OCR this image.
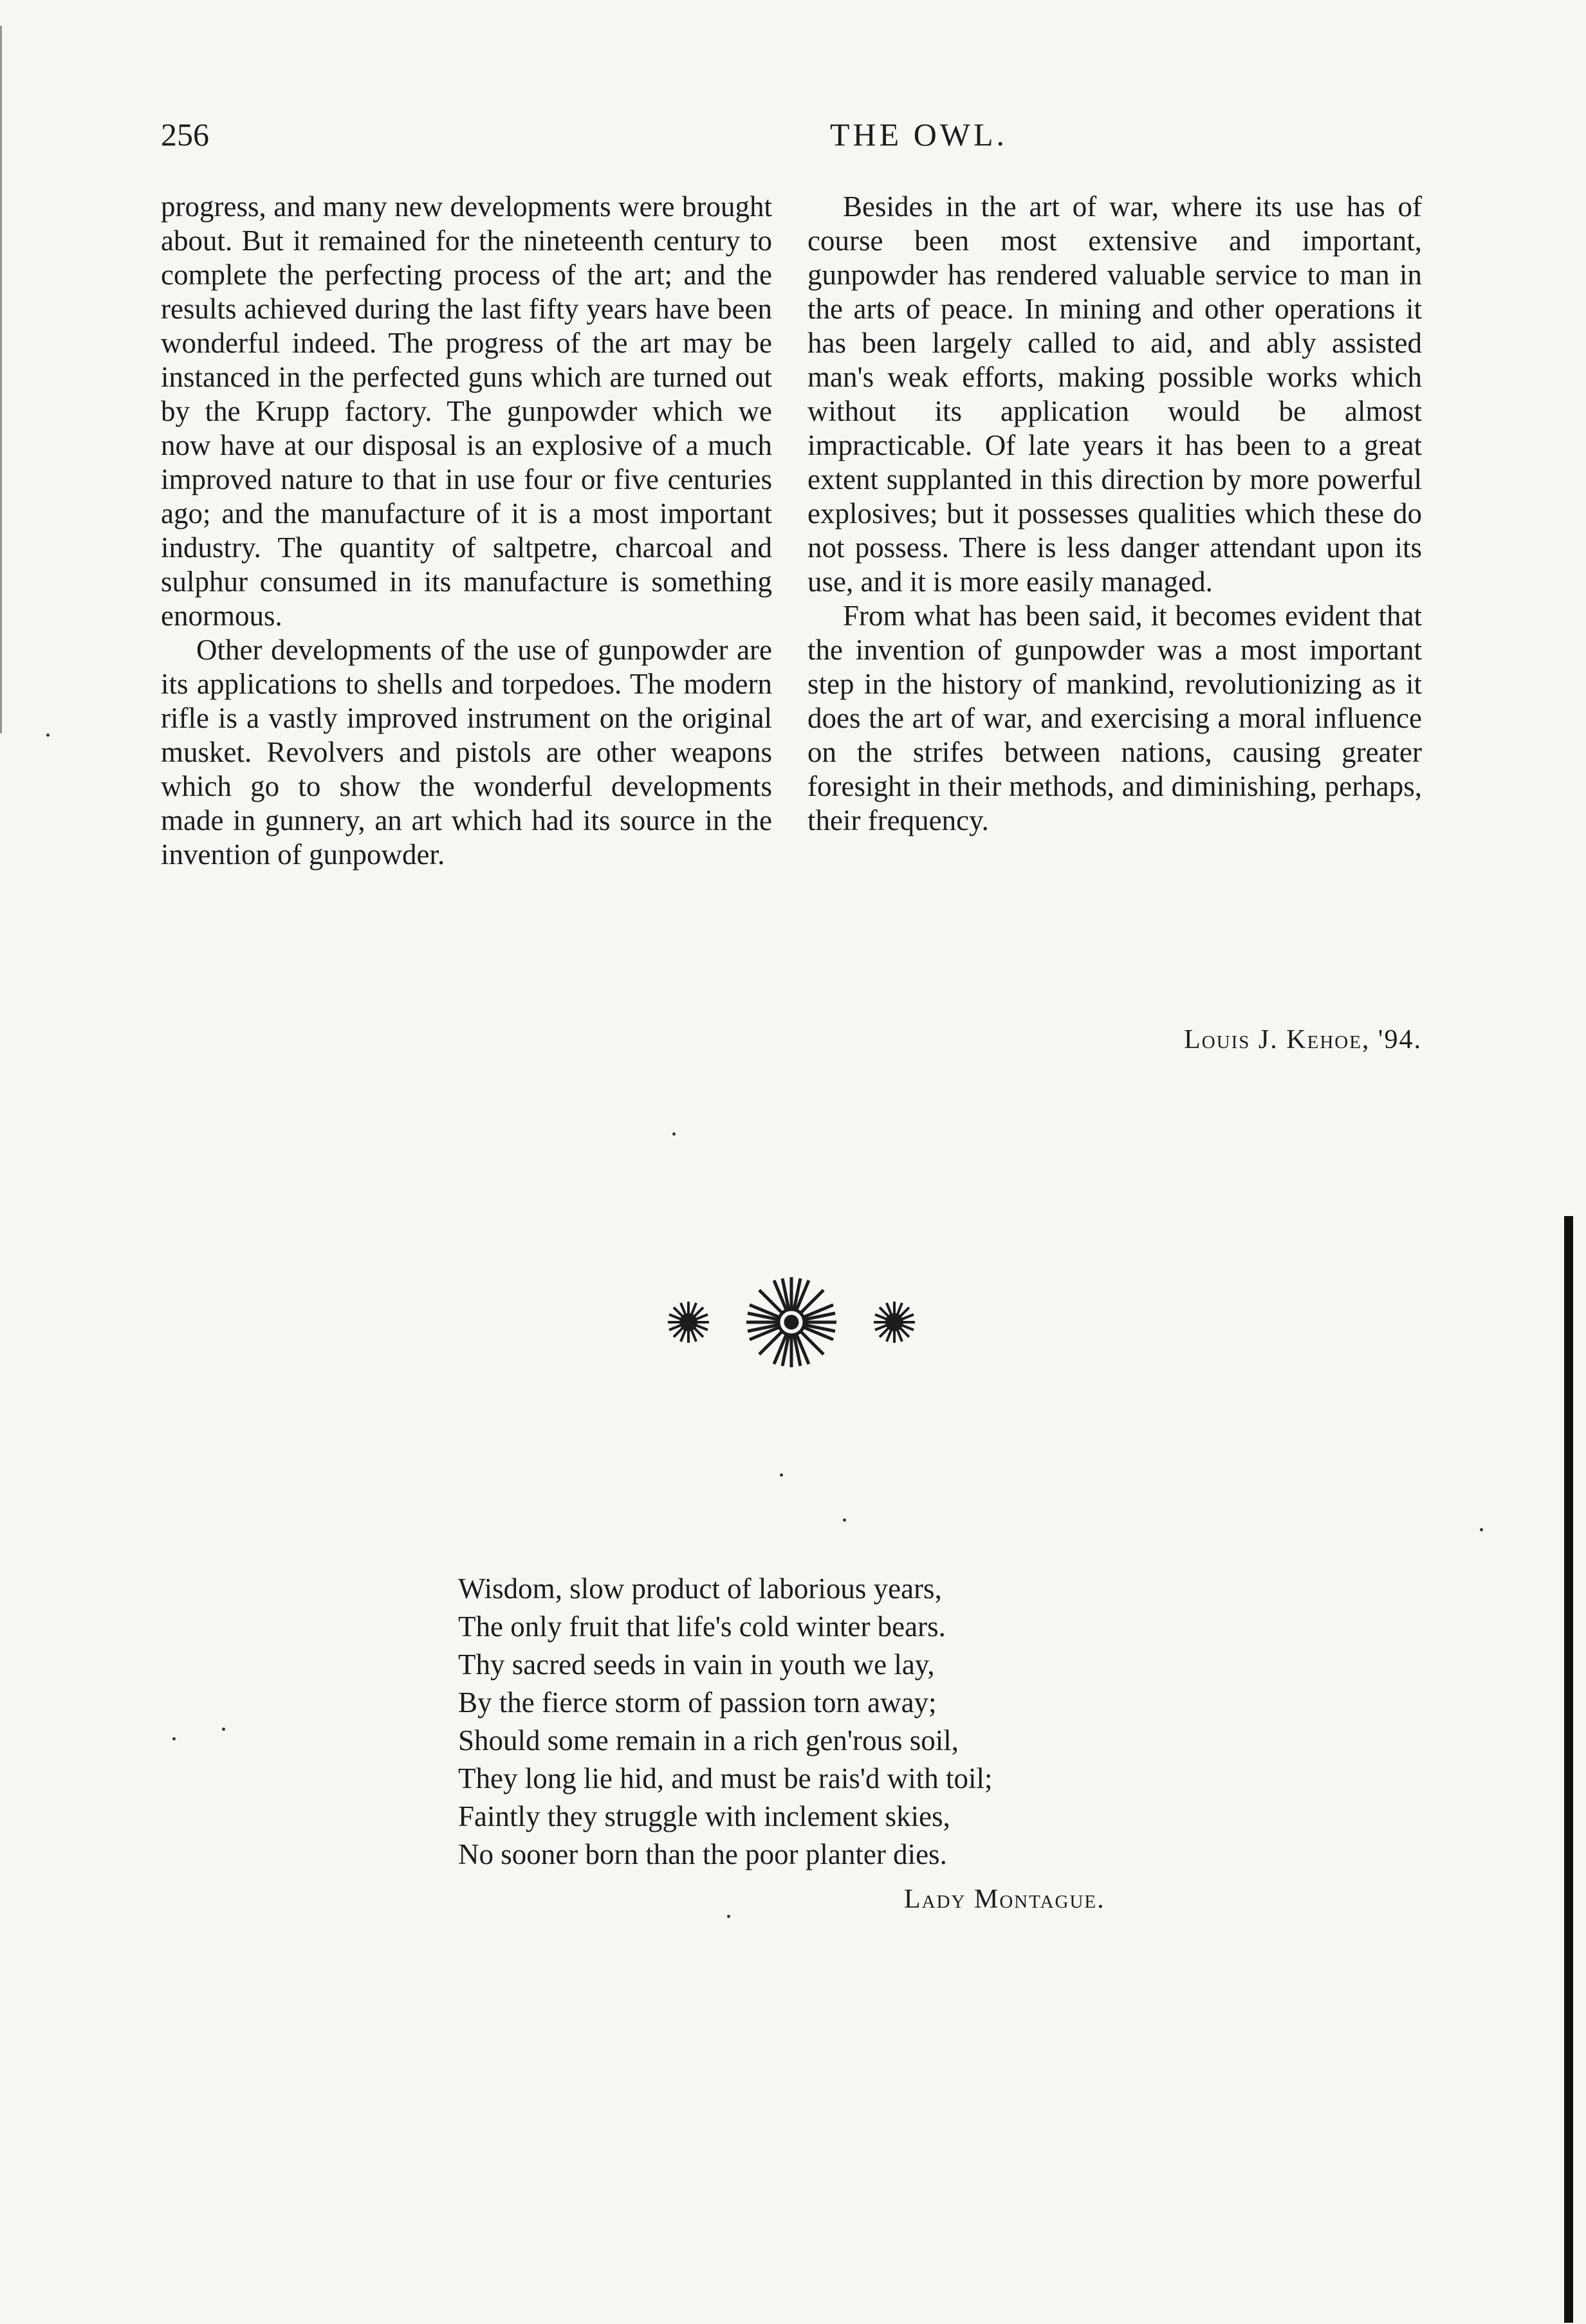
256	THE OWL.

progress, and many new developments were brought about. But it remained for the nineteenth century to complete the perfecting process of the art; and the results achieved during the last fifty years have been wonderful indeed. The progress of the art may be instanced in the perfected guns which are turned out by the Krupp factory. The gunpowder which we now have at our disposal is an explosive of a much improved nature to that in use four or five centuries ago; and the manufacture of it is a most important industry. The quantity of saltpetre, charcoal and sulphur consumed in its manufacture is something enormous.

Other developments of the use of gunpowder are its applications to shells and torpedoes. The modern rifle is a vastly improved instrument on the original musket. Revolvers and pistols are other weapons which go to show the wonderful developments made in gunnery, an art which had its source in the invention of gunpowder.

Besides in the art of war, where its use has of course been most extensive and important, gunpowder has rendered valuable service to man in the arts of peace. In mining and other operations it has been largely called to aid, and ably assisted man's weak efforts, making possible works which without its application would be almost impracticable. Of late years it has been to a great extent supplanted in this direction by more powerful explosives; but it possesses qualities which these do not possess. There is less danger attendant upon its use, and it is more easily managed.

From what has been said, it becomes evident that the invention of gunpowder was a most important step in the history of mankind, revolutionizing as it does the art of war, and exercising a moral influence on the strifes between nations, causing greater foresight in their methods, and diminishing, perhaps, their frequency.

Louis J. Kehoe, '94.
Wisdom, slow product of laborious years,
The only fruit that life's cold winter bears.
Thy sacred seeds in vain in youth we lay,
By the fierce storm of passion torn away;
Should some remain in a rich gen'rous soil,
They long lie hid, and must be rais'd with toil;
Faintly they struggle with inclement skies,
No sooner born than the poor planter dies.
Lady Montague.
